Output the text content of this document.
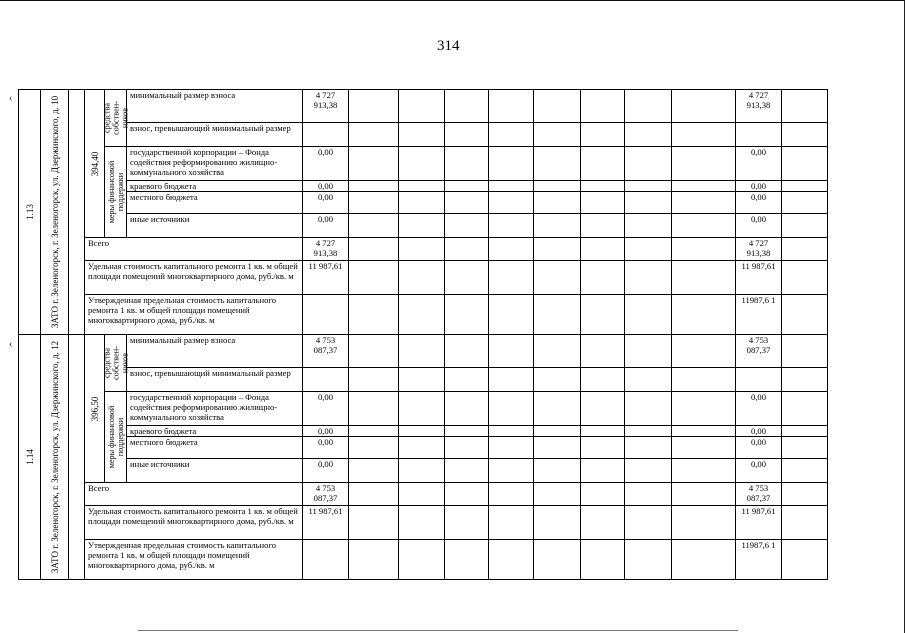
314
‹
‹
1.13	ЗАТО г. Зеленогорск, г. Зеленогорск, ул. Дзержинского, д. 10		394,40	средства собствен- ников	минимальный размер взноса	4 727 913,38									4 727 913,38	
					взнос, превышающий минимальный размер											

				меры финансовой поддержки	государственной корпорации – Фонда содействия реформированию жилищно-коммунального хозяйства	0,00									0,00	
					краевого бюджета	0,00									0,00	
					местного бюджета	0,00									0,00	
					иные источники	0,00									0,00	
			Всего			4 727 913,38									4 727 913,38	
			Удельная стоимость капитального ремонта 1 кв. м общей площади помещений многоквартирного дома, руб./кв. м			11 987,61									11 987,61	
			Утвержденная предельная стоимость капитального ремонта 1 кв. м общей площади помещений многоквартирного дома, руб./кв. м												11987,6 1	

1.14	ЗАТО г. Зеленогорск, г. Зеленогорск, ул. Дзержинского, д. 12		396,50	средства собствен- ников	минимальный размер взноса	4 753 087,37									4 753 087,37	
					взнос, превышающий минимальный размер											

				меры финансовой поддержки	государственной корпорации – Фонда содействия реформированию жилищно-коммунального хозяйства	0,00									0,00	
					краевого бюджета	0,00									0,00	
					местного бюджета	0,00									0,00	
					иные источники	0,00									0,00	
			Всего			4 753 087,37									4 753 087,37	
			Удельная стоимость капитального ремонта 1 кв. м общей площади помещений многоквартирного дома, руб./кв. м			11 987,61									11 987,61	
			Утвержденная предельная стоимость капитального ремонта 1 кв. м общей площади помещений многоквартирного дома, руб./кв. м												11987,6 1	
